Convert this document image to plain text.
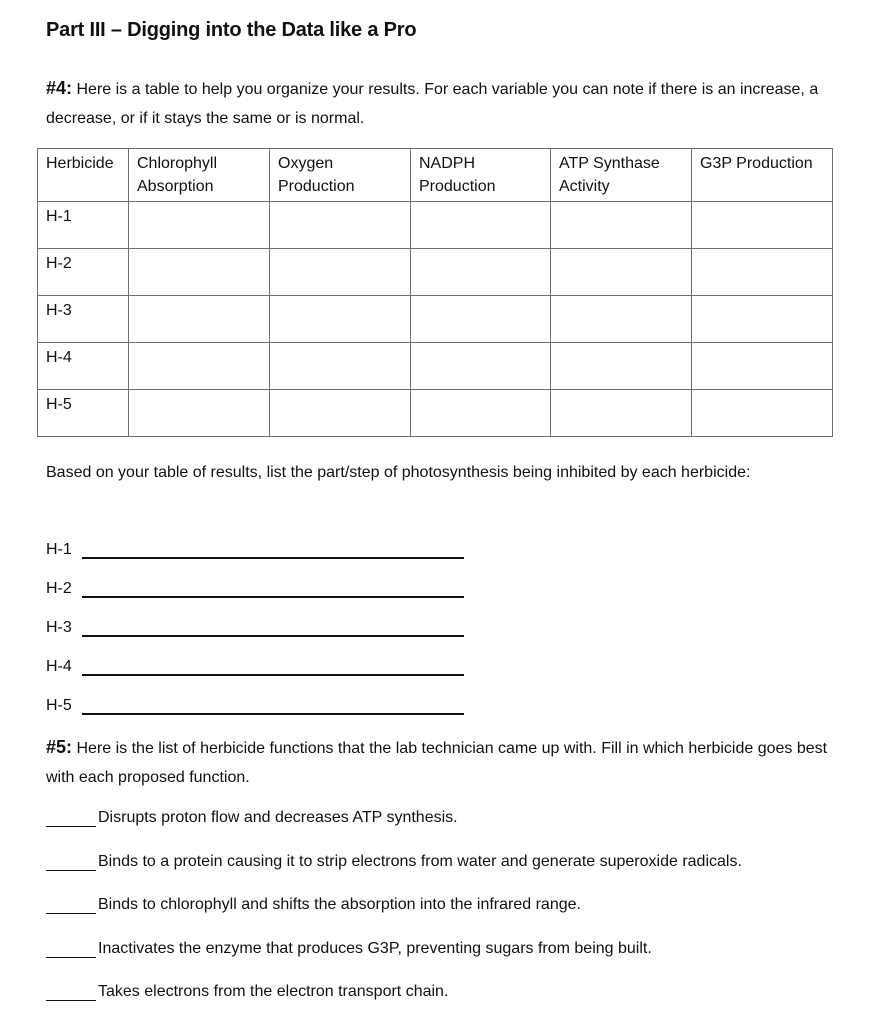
Part III – Digging into the Data like a Pro
#4: Here is a table to help you organize your results. For each variable you can note if there is an increase, a decrease, or if it stays the same or is normal.
Herbicide	Chlorophyll Absorption	Oxygen Production	NADPH Production	ATP Synthase Activity	G3P Production
H-1					
H-2					
H-3					
H-4					
H-5					
Based on your table of results, list the part/step of photosynthesis being inhibited by each herbicide:
H-1
H-2
H-3
H-4
H-5
#5: Here is the list of herbicide functions that the lab technician came up with. Fill in which herbicide goes best with each proposed function.
Disrupts proton flow and decreases ATP synthesis.
Binds to a protein causing it to strip electrons from water and generate superoxide radicals.
Binds to chlorophyll and shifts the absorption into the infrared range.
Inactivates the enzyme that produces G3P, preventing sugars from being built.
Takes electrons from the electron transport chain.
